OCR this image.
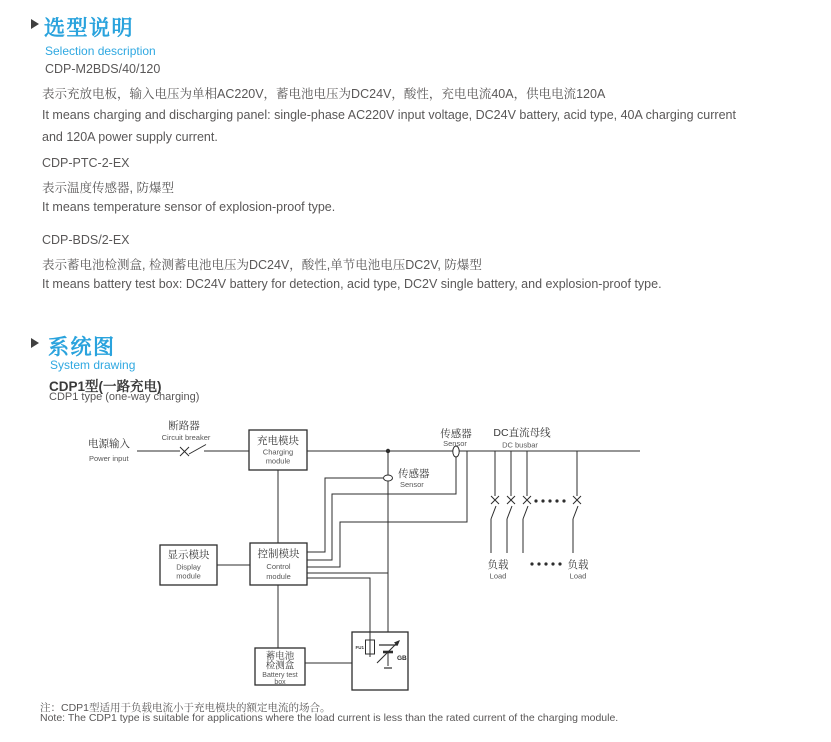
选型说明
Selection description
CDP-M2BDS/40/120
表示充放电板，输入电压为单相AC220V，蓄电池电压为DC24V，酸性，充电电流40A，供电电流120A
It means charging and discharging panel: single-phase AC220V input voltage, DC24V battery, acid type, 40A charging current and 120A power supply current.
CDP-PTC-2-EX
表示温度传感器, 防爆型
It means temperature sensor of explosion-proof type.
CDP-BDS/2-EX
表示蓄电池检测盒, 检测蓄电池电压为DC24V，酸性,单节电池电压DC2V, 防爆型
It means battery test box: DC24V battery for detection, acid type, DC2V single battery, and explosion-proof type.
系统图
System drawing
CDP1型(一路充电)
CDP1 type (one-way charging)
FU1
GB
电源输入
Power input
断路器
Circuit breaker	充电模块
Charging
module
传感器
Sensor
DC直流母线
DC busbar
传感器
Sensor
显示模块
Display
module
控制模块
Control
module
蓄电池
检测盒
Battery test
box
负载
Load
负载
Load
注：CDP1型适用于负载电流小于充电模块的额定电流的场合。
Note: The CDP1 type is suitable for applications where the load current is less than the rated current of the charging module.
